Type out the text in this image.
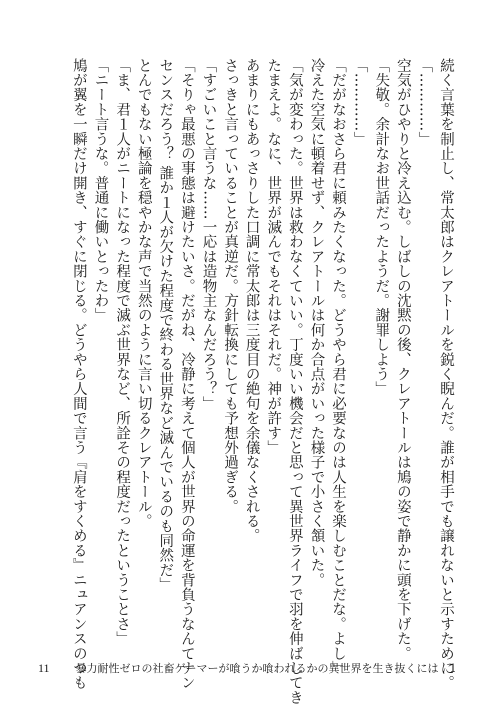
続く言葉を制止し、常太郎はクレアトールを鋭く睨んだ。誰が相手でも譲れないと示すために。
「…………」
空気がひやりと冷え込む。しばしの沈黙の後、クレアトールは鳩の姿で静かに頭を下げた。
「失敬。余計なお世話だったようだ。謝罪しよう」
「…………」
「だがなおさら君に頼みたくなった。どうやら君に必要なのは人生を楽しむことだな。よし」
冷えた空気に頓着せず、クレアトールは何か合点がいった様子で小さく頷いた。
「気が変わった。世界は救わなくていい。丁度いい機会だと思って異世界ライフで羽を伸ばしてき
たまえよ。なに、世界が滅んでもそれはそれだ。神が許す」
あまりにもあっさりした口調に常太郎は三度目の絶句を余儀なくされる。
さっきと言っていることが真逆だ。方針転換にしても予想外過ぎる。
「すごいこと言うな……一応は造物主なんだろう？」
「そりゃ最悪の事態は避けたいさ。だがね、冷静に考えて個人が世界の命運を背負うなんてナン
センスだろう？ 誰か１人が欠けた程度で終わる世界など滅んでいるのも同然だ」
とんでもない極論を穏やかな声で当然のように言い切るクレアトール。
「ま、君１人がニートになった程度で滅ぶ世界など、所詮その程度だったということさ」
「ニート言うな。普通に働いとったわ」
鳩が翼を一瞬だけ開き、すぐに閉じる。どうやら人間で言う『肩をすくめる』ニュアンスのつも
11 暴力耐性ゼロの社畜ゲーマーが喰うか喰われるかの異世界を生き抜くには　1
